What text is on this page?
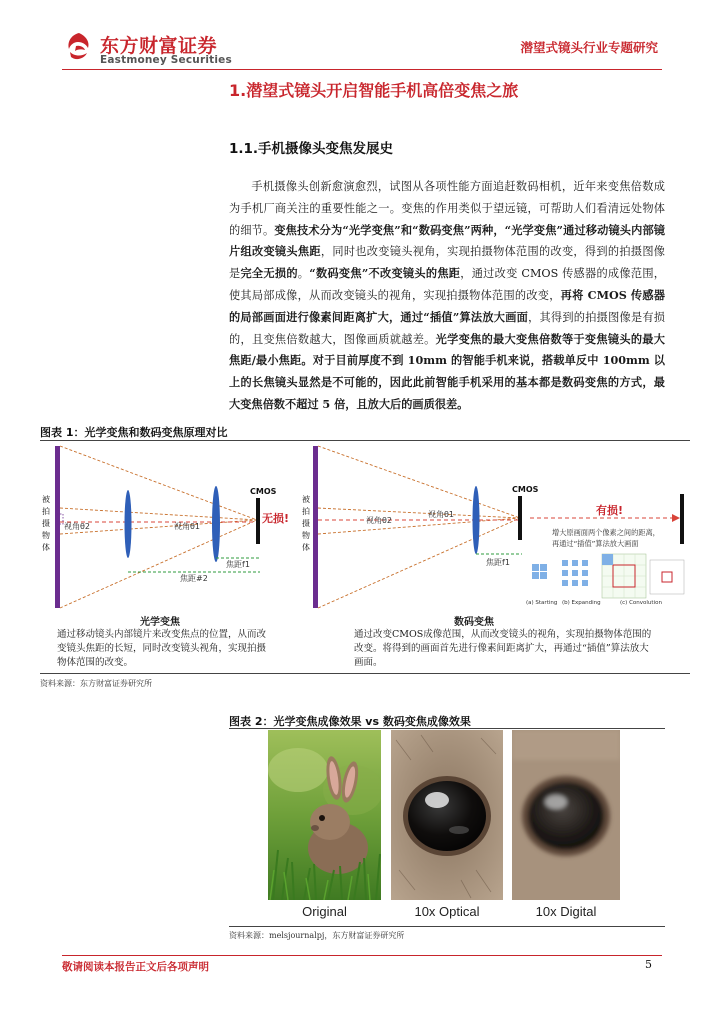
东方财富证券
Eastmoney Securities
潜望式镜头行业专题研究
1.潜望式镜头开启智能手机高倍变焦之旅
1.1.手机摄像头变焦发展史
手机摄像头创新愈演愈烈，试图从各项性能方面追赶数码相机，近年来变焦倍数成为手机厂商关注的重要性能之一。变焦的作用类似于望远镜，可帮助人们看清远处物体的细节。变焦技术分为“光学变焦”和“数码变焦”两种，“光学变焦”通过移动镜头内部镜片组改变镜头焦距，同时也改变镜头视角，实现拍摄物体范围的改变，得到的拍摄图像是完全无损的。“数码变焦”不改变镜头的焦距，通过改变 CMOS 传感器的成像范围，使其局部成像，从而改变镜头的视角，实现拍摄物体范围的改变，再将 CMOS 传感器的局部画面进行像素间距离扩大，通过“插值”算法放大画面，其得到的拍摄图像是有损的，且变焦倍数越大，图像画质就越差。光学变焦的最大变焦倍数等于变焦镜头的最大焦距/最小焦距。对于目前厚度不到 10mm 的智能手机来说，搭载单反中 100mm 以上的长焦镜头显然是不可能的，因此此前智能手机采用的基本都是数码变焦的方式，最大变焦倍数不超过 5 倍，且放大后的画质很差。
图表 1：光学变焦和数码变焦原理对比
被拍摄物体
CMOS
无损!
视角θ2	视角θ1
焦距f1
焦距#2
被拍摄物体
CMOS
视角θ2
视角θ1
焦距f1
有损!
增大原画面两个像素之间的距离， 再通过“插值”算法放大画面
(a) Starting (b) Expanding	(c) Convolution
光学变焦
通过移动镜头内部镜片来改变焦点的位置，从而改变镜头焦距的长短，同时改变镜头视角，实现拍摄物体范围的改变。
数码变焦
通过改变CMOS成像范围，从而改变镜头的视角，实现拍摄物体范围的改变。将得到的画面首先进行像素间距离扩大，再通过“插值”算法放大画面。
资料来源：东方财富证券研究所
图表 2：光学变焦成像效果 vs 数码变焦成像效果
Original	10x Optical	10x Digital
资料来源：melsjournalpj，东方财富证券研究所
敬请阅读本报告正文后各项声明	5
